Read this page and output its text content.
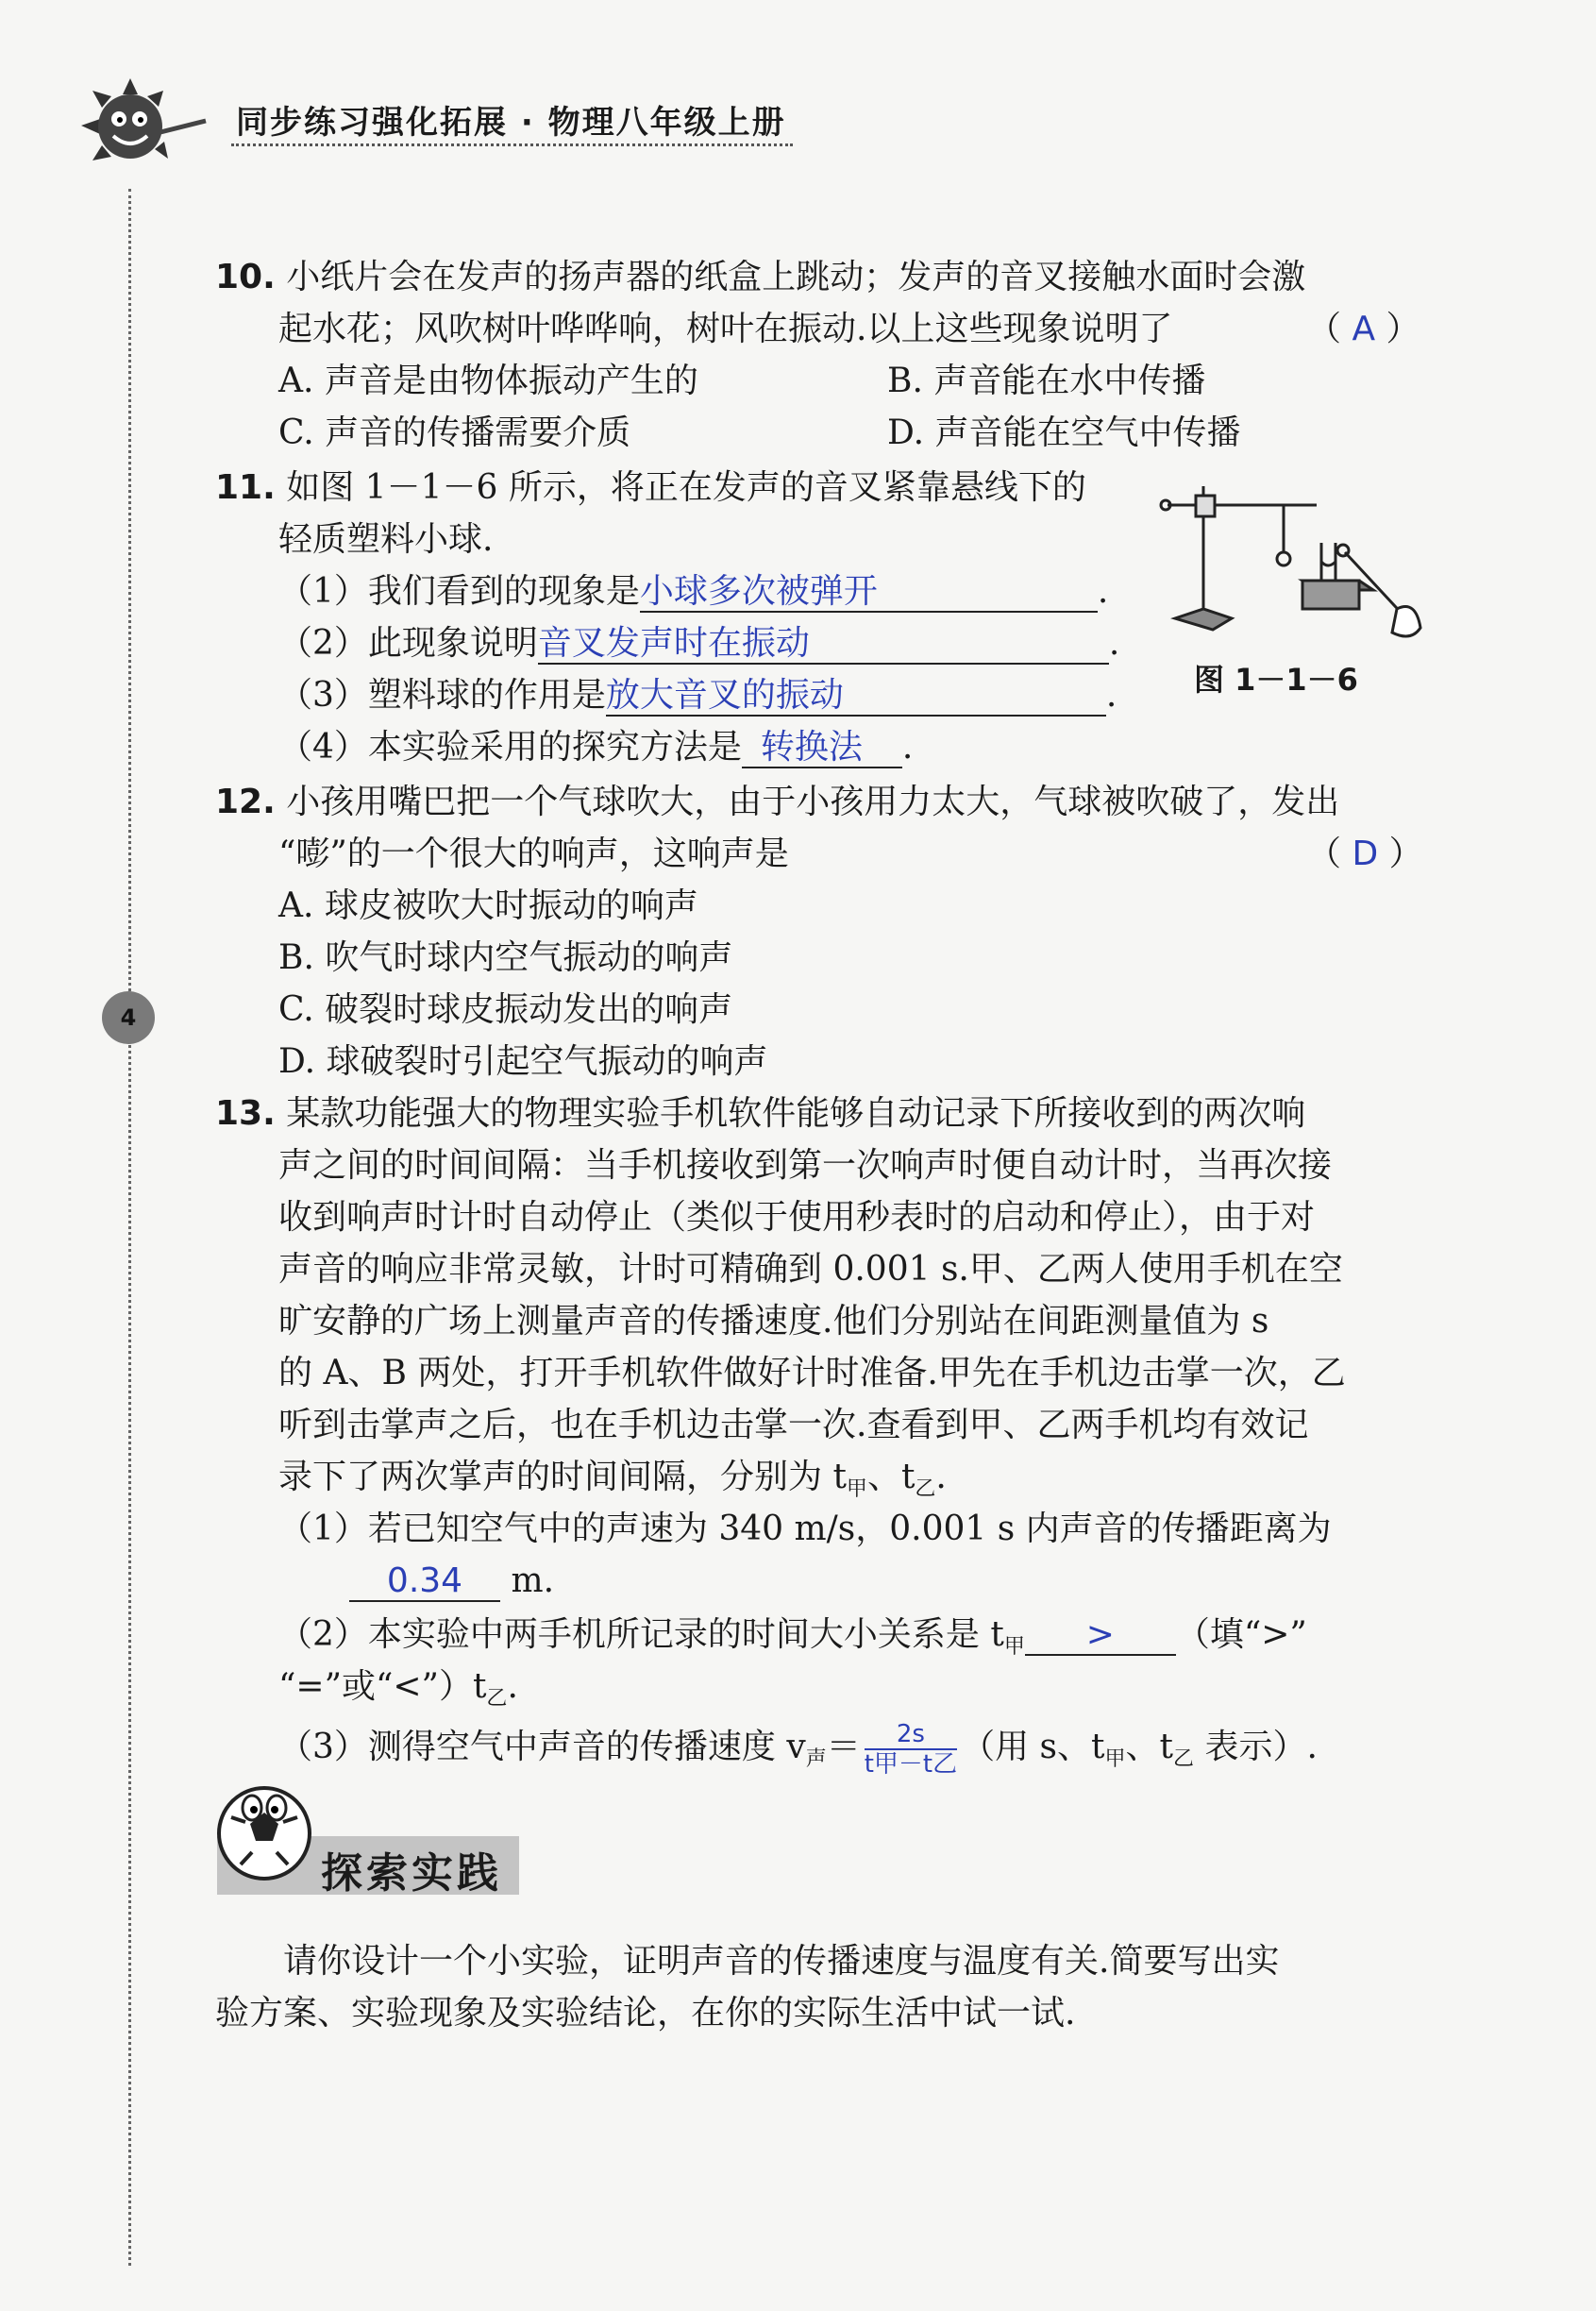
同步练习强化拓展 · 物理八年级上册
4
10. 小纸片会在发声的扬声器的纸盒上跳动；发声的音叉接触水面时会激
起水花；风吹树叶哗哗响，树叶在振动.以上这些现象说明了	（ A ）
A. 声音是由物体振动产生的	B. 声音能在水中传播
C. 声音的传播需要介质	D. 声音能在空气中传播
11. 如图 1－1－6 所示，将正在发声的音叉紧靠悬线下的
轻质塑料小球.
（1）我们看到的现象是小球多次被弹开	.
（2）此现象说明音叉发声时在振动	.
（3）塑料球的作用是放大音叉的振动	.
（4）本实验采用的探究方法是 转换法 .
图 1－1－6
12. 小孩用嘴巴把一个气球吹大，由于小孩用力太大，气球被吹破了，发出
“嘭”的一个很大的响声，这响声是	（ D ）
A. 球皮被吹大时振动的响声
B. 吹气时球内空气振动的响声
C. 破裂时球皮振动发出的响声
D. 球破裂时引起空气振动的响声
13. 某款功能强大的物理实验手机软件能够自动记录下所接收到的两次响
声之间的时间间隔：当手机接收到第一次响声时便自动计时，当再次接
收到响声时计时自动停止（类似于使用秒表时的启动和停止），由于对
声音的响应非常灵敏，计时可精确到 0.001 s.甲、乙两人使用手机在空
旷安静的广场上测量声音的传播速度.他们分别站在间距测量值为 s
的 A、B 两处，打开手机软件做好计时准备.甲先在手机边击掌一次，乙
听到击掌声之后，也在手机边击掌一次.查看到甲、乙两手机均有效记
录下了两次掌声的时间间隔，分别为 $t_甲$、$t_乙$.
（1）若已知空气中的声速为 340 m/s，0.001 s 内声音的传播距离为
0.34 m.
（2）本实验中两手机所记录的时间大小关系是 $t_甲$ > （填“>”
“=”或“$<”)t_乙$.
（3）测得空气中声音的传播速度 $v_声= \frac{2s}{\text{t甲－t乙}}$ （用 s、$t_甲$、$t_乙$ 表示）.
探索实践
请你设计一个小实验，证明声音的传播速度与温度有关.简要写出实
验方案、实验现象及实验结论，在你的实际生活中试一试.
